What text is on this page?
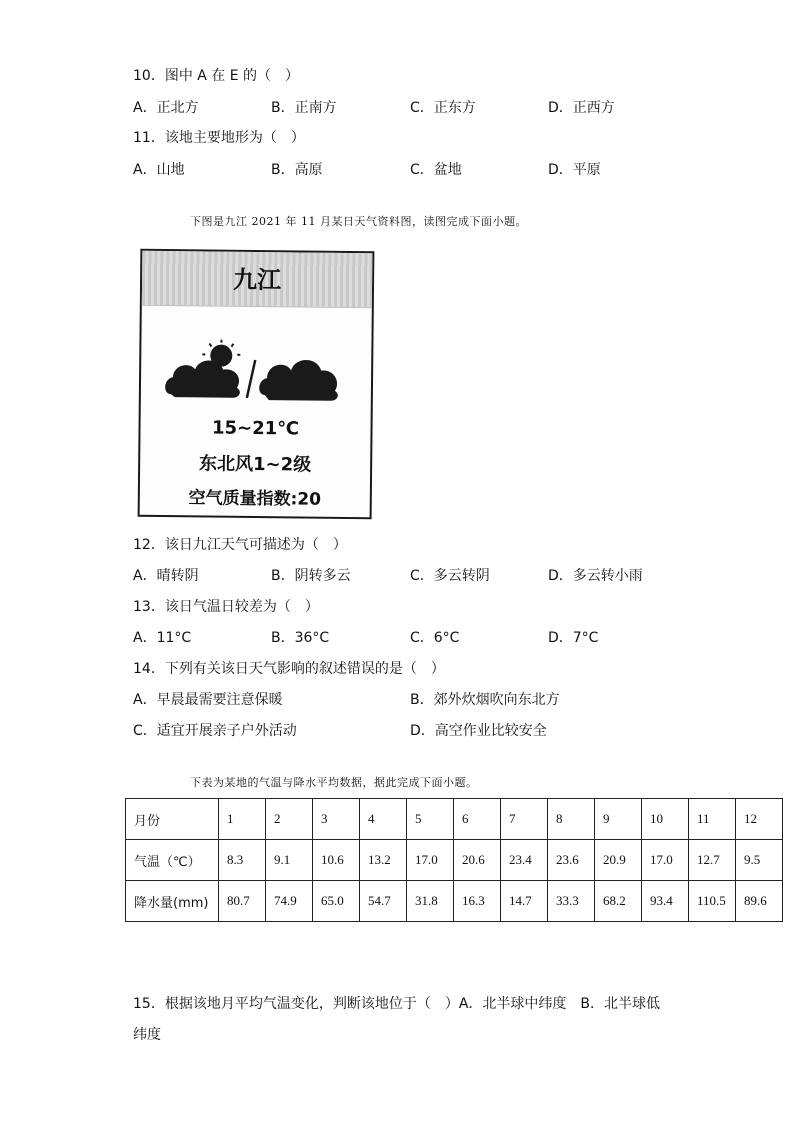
10．图中 A 在 E 的（　）
A．正北方	B．正南方	C．正东方	D．正西方
11．该地主要地形为（　）
A．山地	B．高原	C．盆地	D．平原
下图是九江 2021 年 11 月某日天气资料图，读图完成下面小题。
九江
15~21℃
东北风1~2级
空气质量指数:20
12．该日九江天气可描述为（　）
A．晴转阴	B．阴转多云	C．多云转阴	D．多云转小雨
13．该日气温日较差为（　）
A．11°C	B．36°C	C．6°C	D．7°C
14．下列有关该日天气影响的叙述错误的是（　）
A．早晨最需要注意保暖	B．郊外炊烟吹向东北方
C．适宜开展亲子户外活动	D．高空作业比较安全
下表为某地的气温与降水平均数据，据此完成下面小题。
月份	1	2	3	4	5	6	7	8	9	10	11	12
气温（℃）	8.3	9.1	10.6	13.2	17.0	20.6	23.4	23.6	20.9	17.0	12.7	9.5
降水量(mm)	80.7	74.9	65.0	54.7	31.8	16.3	14.7	33.3	68.2	93.4	110.5	89.6
15．根据该地月平均气温变化，判断该地位于（　）A．北半球中纬度　B．北半球低
纬度
